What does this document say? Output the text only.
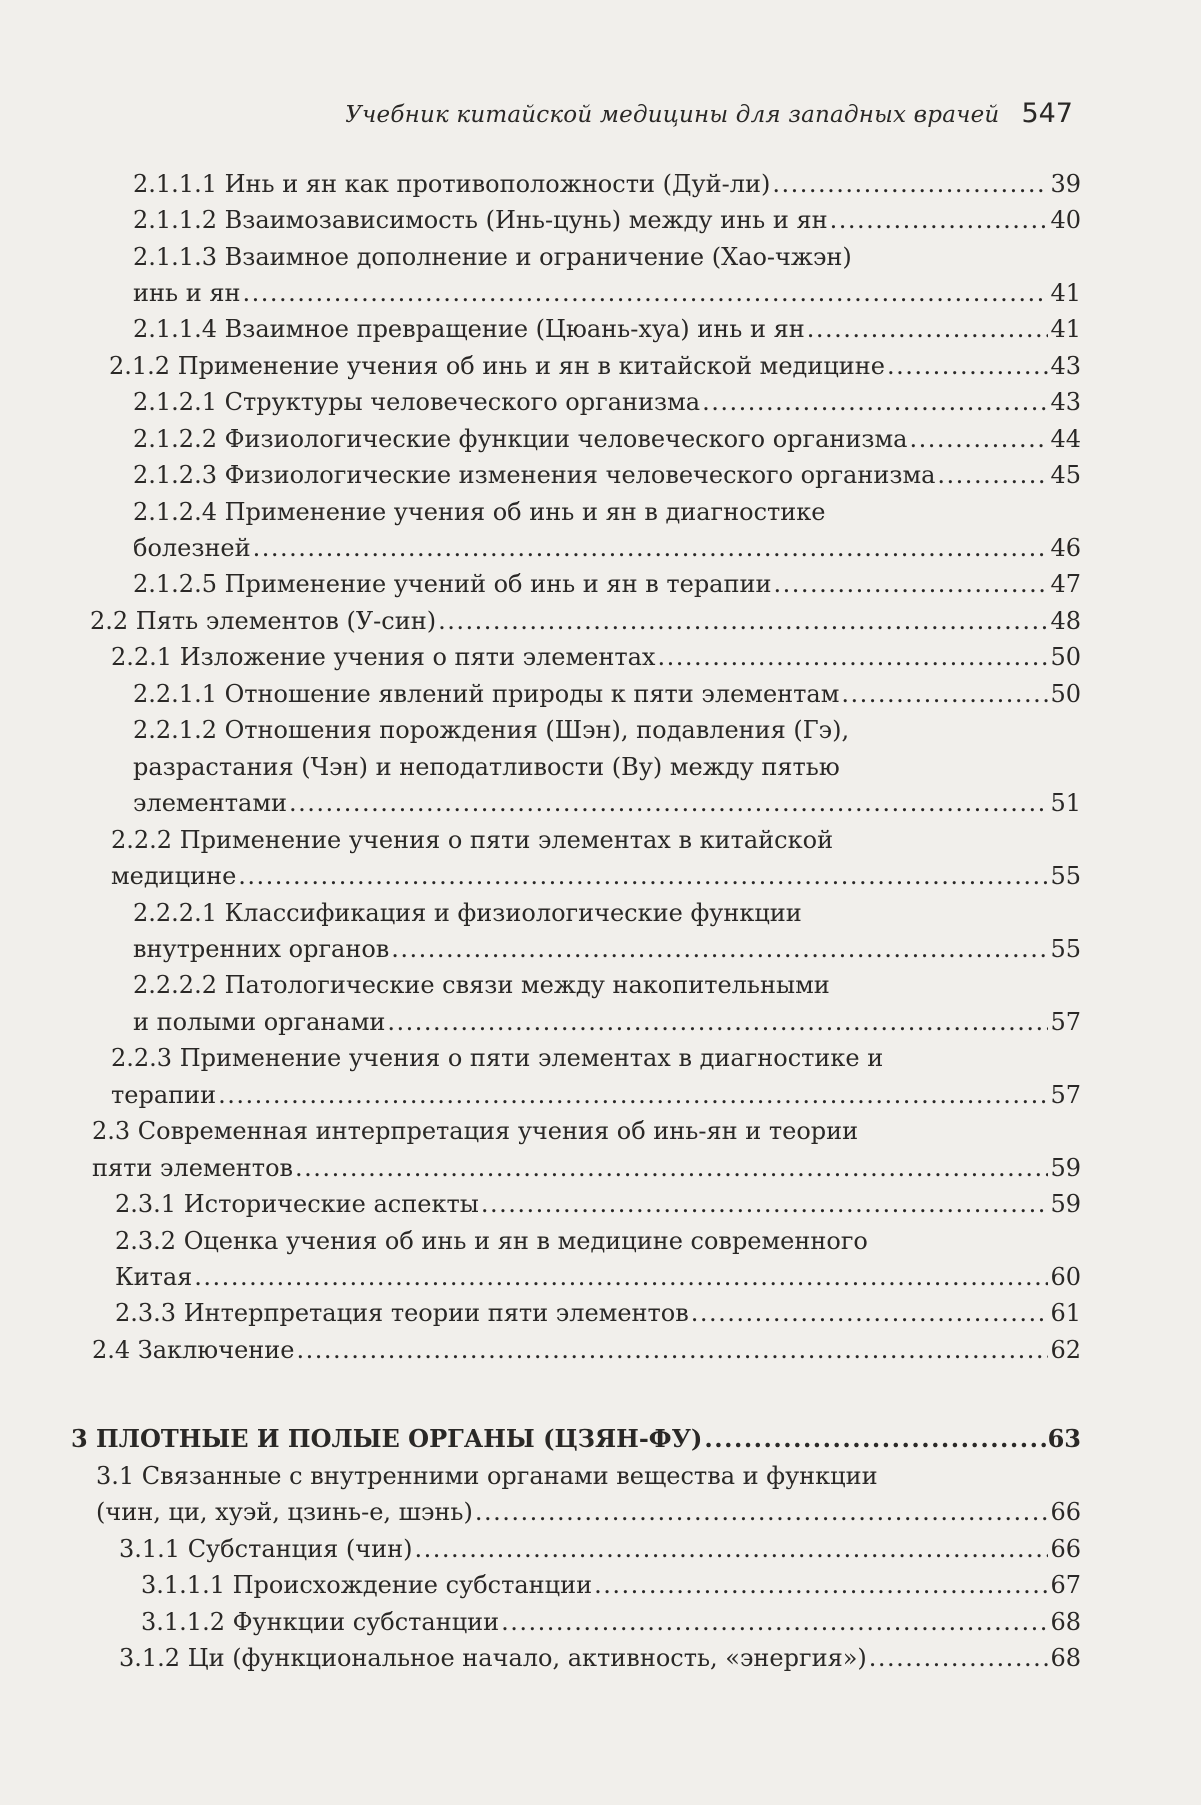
Учебник китайской медицины для западных врачей 547
2.1.1.1 Инь и ян как противоположности (Дуй-ли) .....	39
2.1.1.2 Взаимозависимость (Инь-цунь) между инь и ян .....	40
2.1.1.3 Взаимное дополнение и ограничение (Хао-чжэн)
инь и ян .....	41
2.1.1.4 Взаимное превращение (Цюань-хуа) инь и ян .....	41
2.1.2 Применение учения об инь и ян в китайской медицине .....	43
2.1.2.1 Структуры человеческого организма .....	43
2.1.2.2 Физиологические функции человеческого организма .....	44
2.1.2.3 Физиологические изменения человеческого организма .....	45
2.1.2.4 Применение учения об инь и ян в диагностике
болезней .....	46
2.1.2.5 Применение учений об инь и ян в терапии .....	47
2.2 Пять элементов (У-син) .....	48
2.2.1 Изложение учения о пяти элементах .....	50
2.2.1.1 Отношение явлений природы к пяти элементам .....	50
2.2.1.2 Отношения порождения (Шэн), подавления (Гэ),
разрастания (Чэн) и неподатливости (Ву) между пятью
элементами .....	51
2.2.2 Применение учения о пяти элементах в китайской
медицине .....	55
2.2.2.1 Классификация и физиологические функции
внутренних органов .....	55
2.2.2.2 Патологические связи между накопительными
и полыми органами .....	57
2.2.3 Применение учения о пяти элементах в диагностике и
терапии .....	57
2.3 Современная интерпретация учения об инь-ян и теории
пяти элементов .....	59
2.3.1 Исторические аспекты .....	59
2.3.2 Оценка учения об инь и ян в медицине современного
Китая .....	60
2.3.3 Интерпретация теории пяти элементов .....	61
2.4 Заключение .....	62
3 ПЛОТНЫЕ И ПОЛЫЕ ОРГАНЫ (ЦЗЯН-ФУ) .....	63
3.1 Связанные с внутренними органами вещества и функции
(чин, ци, хуэй, цзинь-е, шэнь) .....	66
3.1.1 Субстанция (чин) .....	66
3.1.1.1 Происхождение субстанции .....	67
3.1.1.2 Функции субстанции .....	68
3.1.2 Ци (функциональное начало, активность, «энергия») .....	68
